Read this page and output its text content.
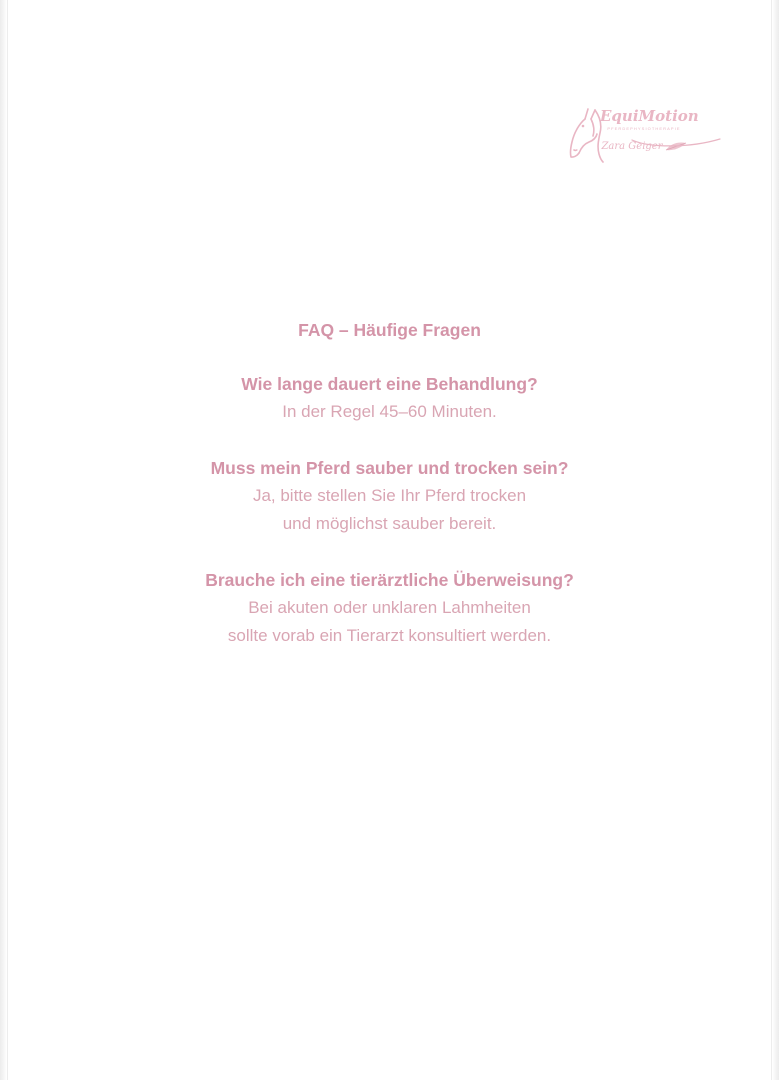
EquiMotion
PFERDEPHYSIOTHERAPIE
Zara Geiger
FAQ – Häufige Fragen

Wie lange dauert eine Behandlung?

In der Regel 45–60 Minuten.

Muss mein Pferd sauber und trocken sein?

Ja, bitte stellen Sie Ihr Pferd trocken

und möglichst sauber bereit.

Brauche ich eine tierärztliche Überweisung?

Bei akuten oder unklaren Lahmheiten

sollte vorab ein Tierarzt konsultiert werden.
